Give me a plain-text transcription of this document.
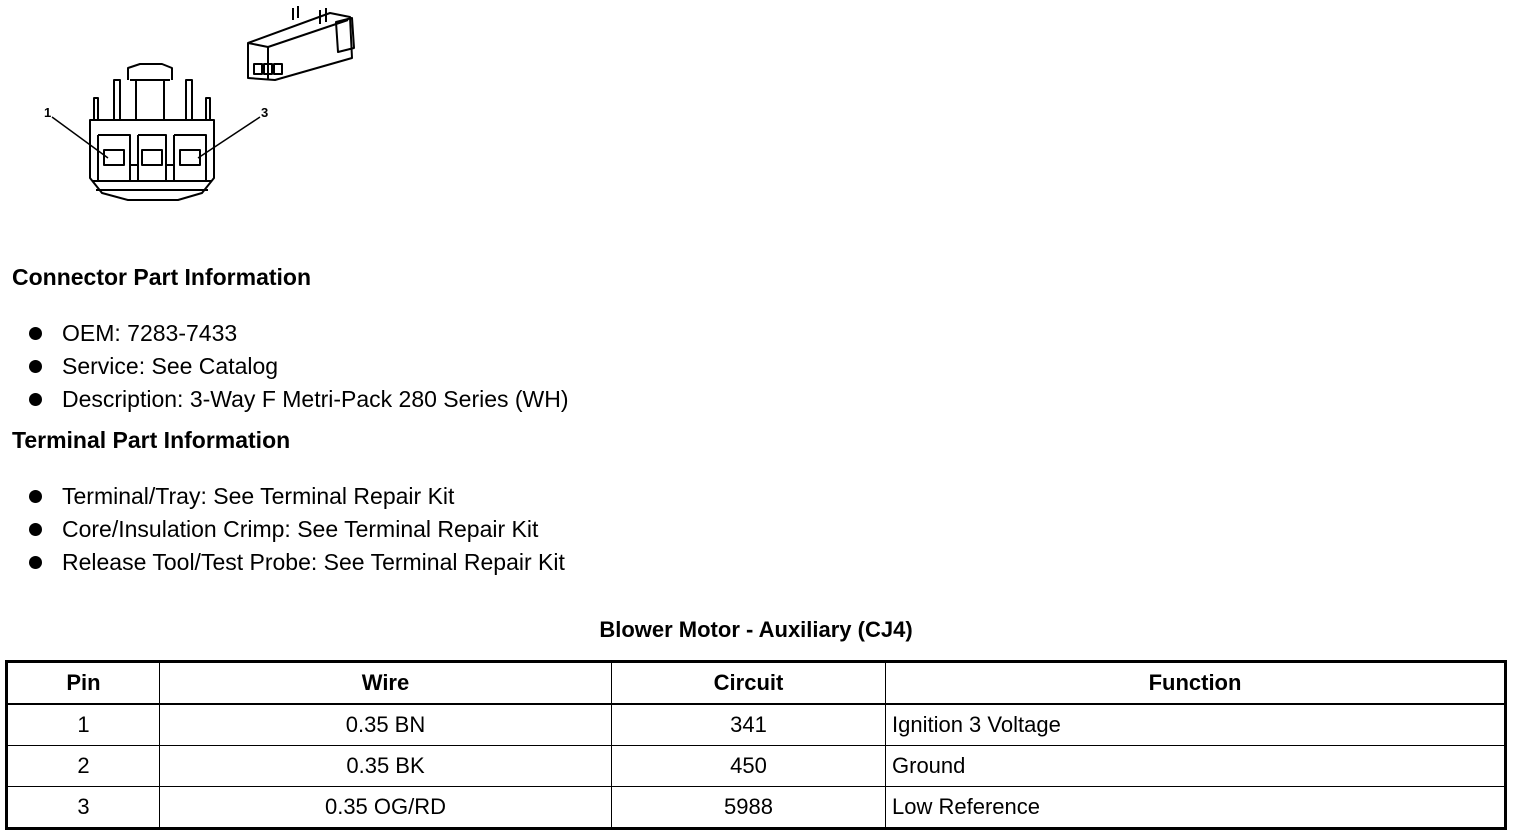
1	3
Connector Part Information
OEM: 7283-7433
Service: See Catalog
Description: 3-Way F Metri-Pack 280 Series (WH)
Terminal Part Information
Terminal/Tray: See Terminal Repair Kit
Core/Insulation Crimp: See Terminal Repair Kit
Release Tool/Test Probe: See Terminal Repair Kit
Blower Motor - Auxiliary (CJ4)
Pin	Wire	Circuit	Function
1	0.35 BN	341	Ignition 3 Voltage
2	0.35 BK	450	Ground
3	0.35 OG/RD	5988	Low Reference
